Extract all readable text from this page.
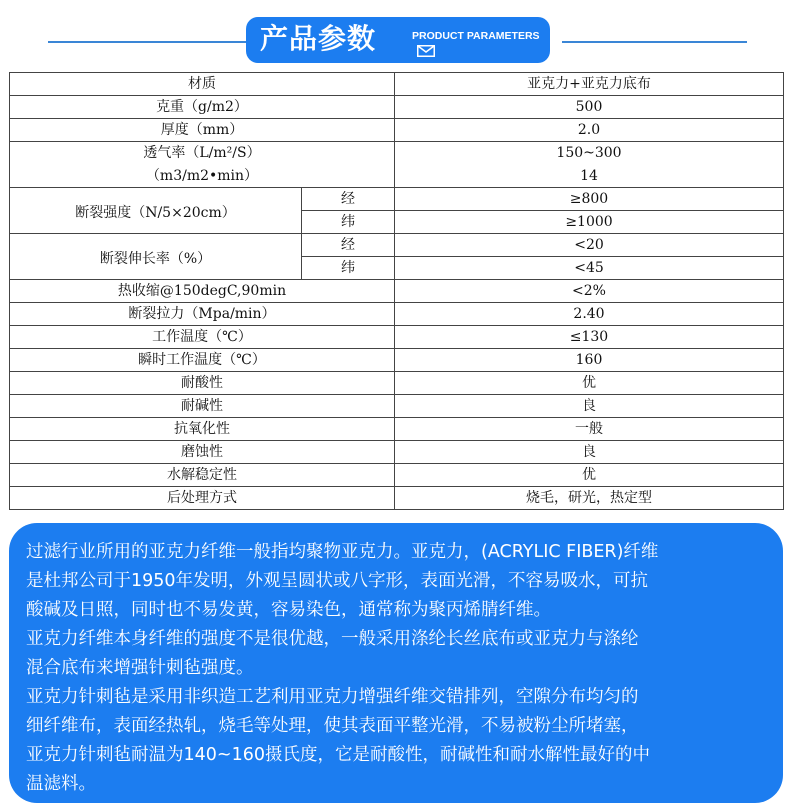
产品参数	PRODUCT PARAMETERS
材质		亚克力+亚克力底布
克重（g/m2）		500
厚度（mm）		2.0
透气率（L/m²/S）		150~300
（m3/m2•min）		14
断裂强度（N/5×20cm）	经	≥800
	纬	≥1000
断裂伸长率（%）	经	<20
	纬	<45
热收缩@150degC,90min		<2%
断裂拉力（Mpa/min）		2.40
工作温度（℃）		≤130
瞬时工作温度（℃）		160
耐酸性		优
耐碱性		良
抗氧化性		一般
磨蚀性		良
水解稳定性		优
后处理方式		烧毛，研光，热定型

过滤行业所用的亚克力纤维一般指均聚物亚克力。亚克力，(ACRYLIC FIBER)纤维

是杜邦公司于1950年发明，外观呈圆状或八字形，表面光滑，不容易吸水，可抗

酸碱及日照，同时也不易发黄，容易染色，通常称为聚丙烯腈纤维。

亚克力纤维本身纤维的强度不是很优越，一般采用涤纶长丝底布或亚克力与涤纶

混合底布来增强针刺毡强度。

亚克力针刺毡是采用非织造工艺利用亚克力增强纤维交错排列，空隙分布均匀的

细纤维布，表面经热轧，烧毛等处理，使其表面平整光滑，不易被粉尘所堵塞，

亚克力针刺毡耐温为140~160摄氏度，它是耐酸性，耐碱性和耐水解性最好的中

温滤料。
